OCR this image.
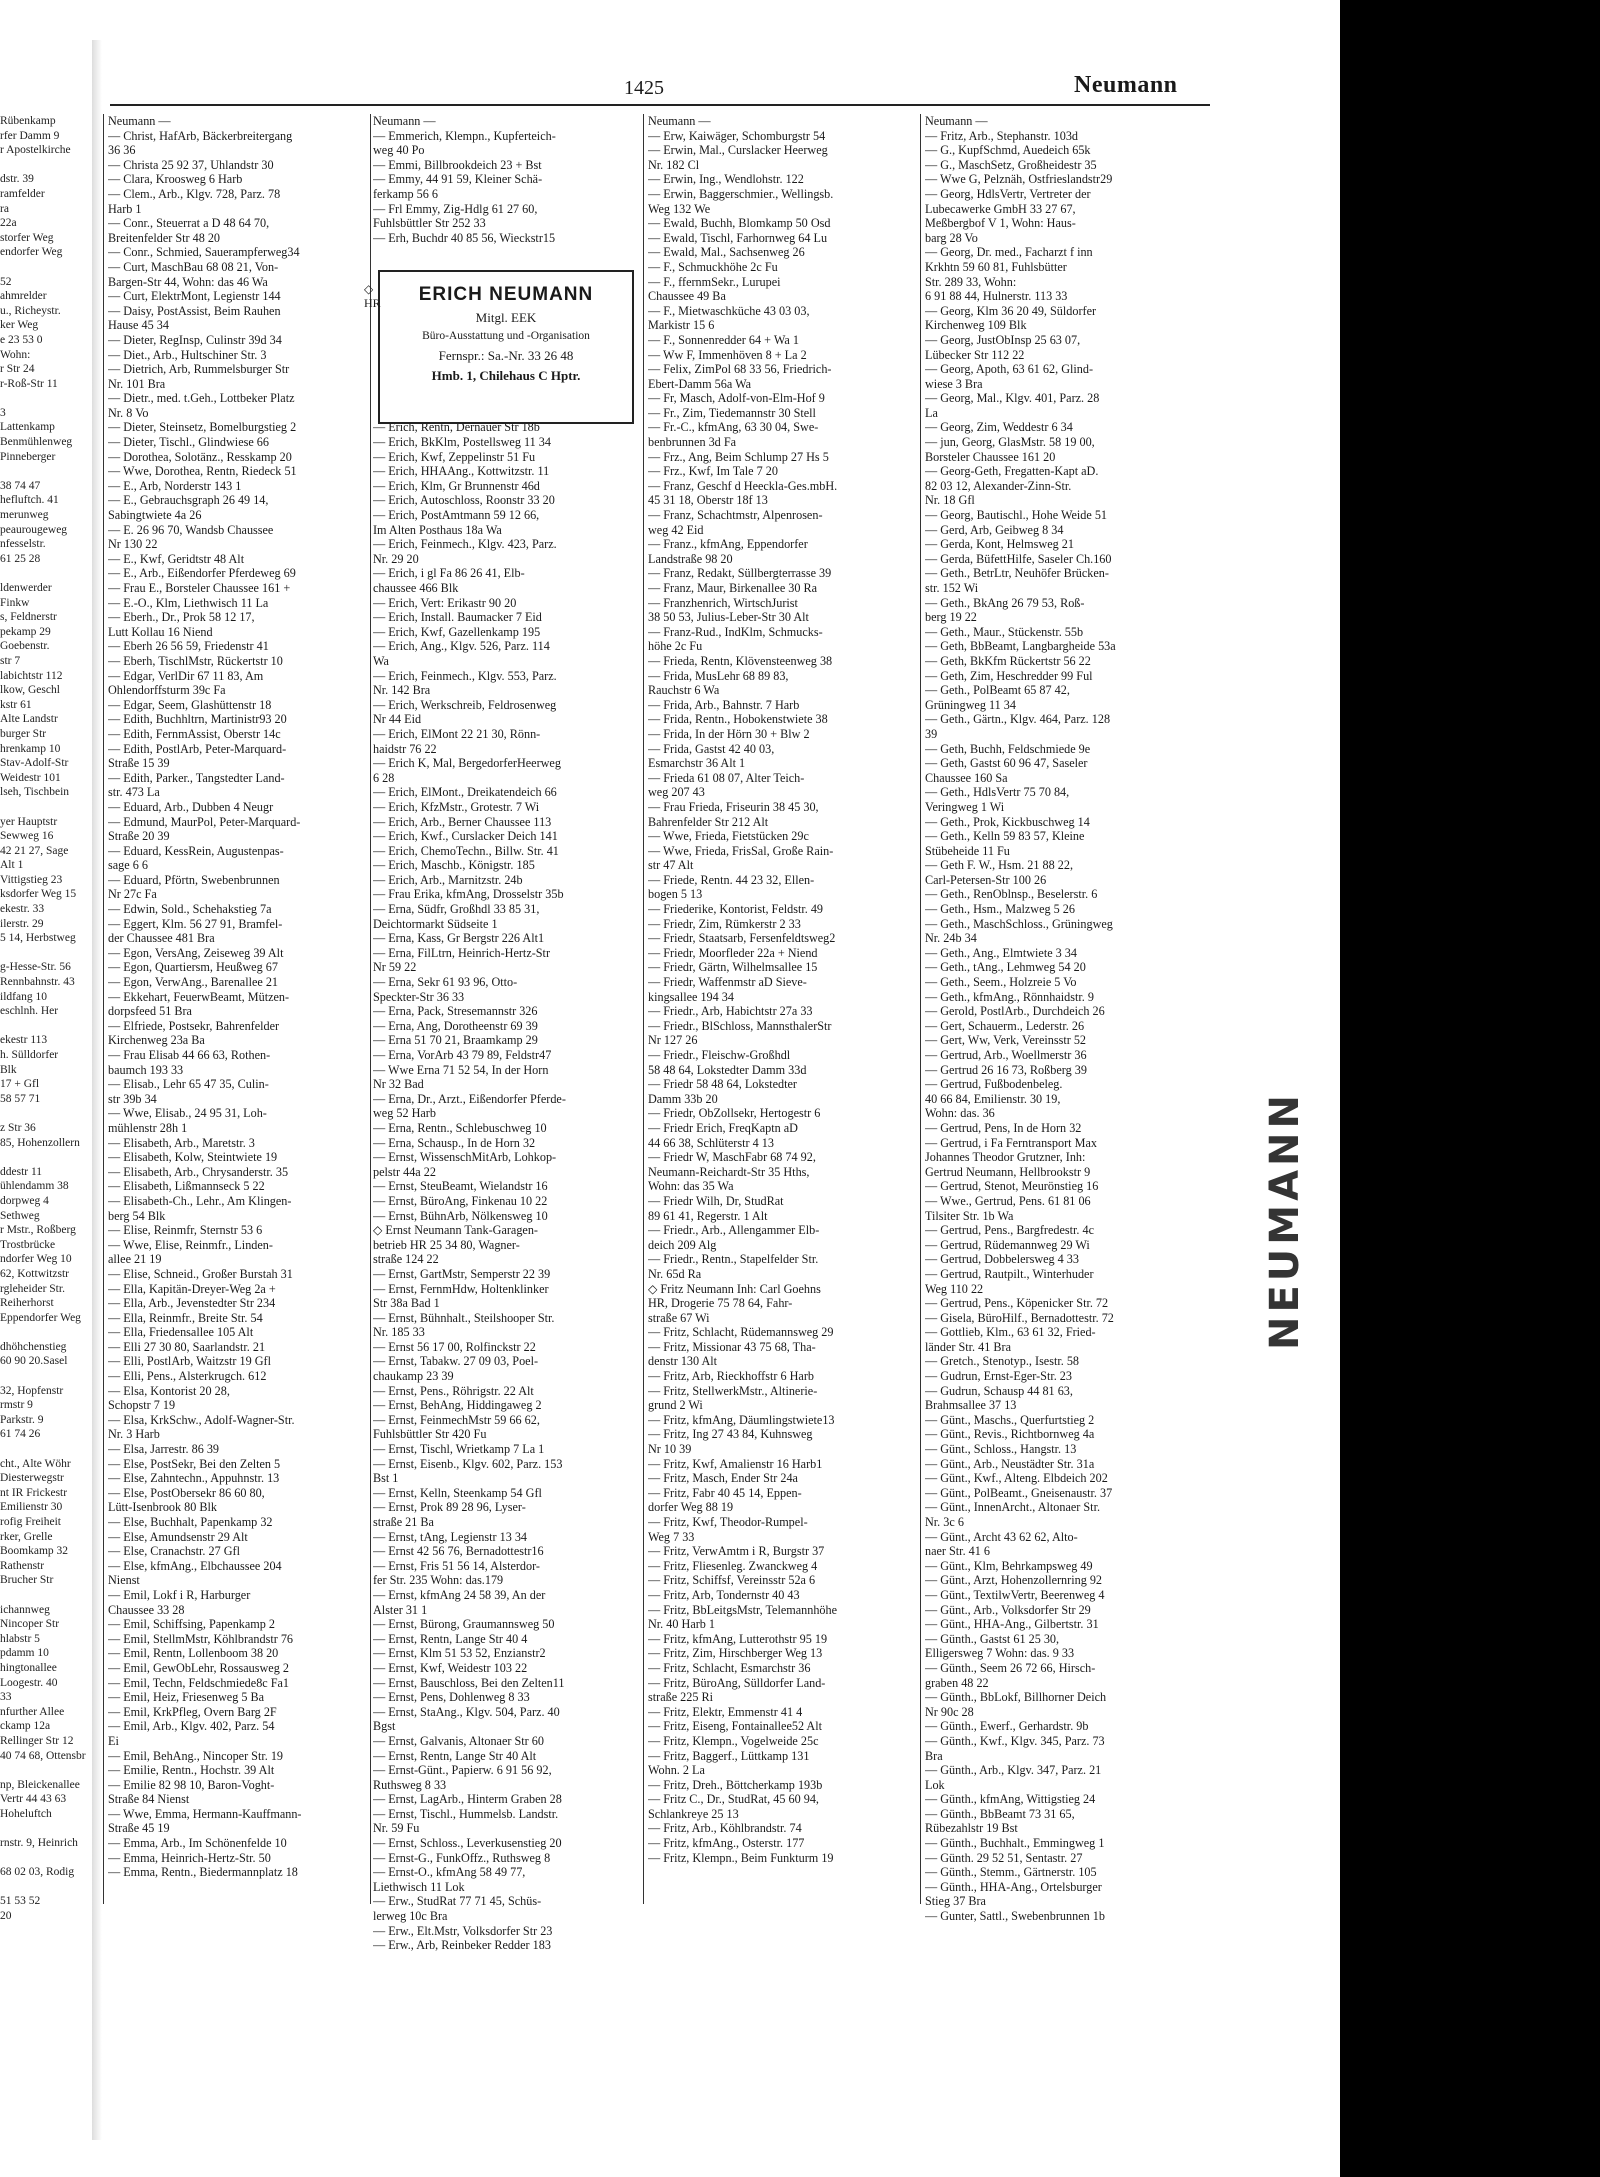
1425	Neumann
Rübenkamp
rfer Damm 9
r Apostelkirche

dstr. 39
ramfelder
ra
22a
storfer Weg
endorfer Weg

52
ahmrelder
u., Richeystr.
ker Weg
e 23 53 0
Wohn:
r Str 24
r-Roß-Str 11

3
Lattenkamp
Benmühlenweg
Pinneberger

38 74 47
hefluftch. 41
merunweg
peaurougeweg
nfesselstr.
61 25 28

ldenwerder
Finkw
s, Feldnerstr
pekamp 29
Goebenstr.
str 7
labichtstr 112
lkow, Geschl
kstr 61
Alte Landstr
burger Str
hrenkamp 10
Stav-Adolf-Str
Weidestr 101
lseh, Tischbein

yer Hauptstr
Sewweg 16
42 21 27, Sage
Alt 1
Vittigstieg 23
ksdorfer Weg 15
ekestr. 33
ilerstr. 29
5 14, Herbstweg

g-Hesse-Str. 56
Rennbahnstr. 43
ildfang 10
eschlnh. Her

ekestr 113
h. Sülldorfer
Blk
17 + Gfl
58 57 71

z Str 36
85, Hohenzollern

ddestr 11
ühlendamm 38
dorpweg 4
Sethweg
r Mstr., Roßberg
Trostbrücke
ndorfer Weg 10
62, Kottwitzstr
rgleheider Str.
Reiherhorst
Eppendorfer Weg

dhöhchenstieg
60 90 20.Sasel

32, Hopfenstr
rmstr 9
Parkstr. 9
61 74 26

cht., Alte Wöhr
Diesterwegstr
nt IR Frickestr
Emilienstr 30
rofig Freiheit
rker, Grelle
Boomkamp 32
Rathenstr
Brucher Str

ichannweg
Nincoper Str
hlabstr 5
pdamm 10
hingtonallee
Loogestr. 40
33
nfurther Allee
ckamp 12a
Rellinger Str 12
40 74 68, Ottensbr

np, Bleickenallee
Vertr 44 43 63
Hoheluftch

rnstr. 9, Heinrich

68 02 03, Rodig

51 53 52
20
Neumann —
— Christ, HafArb, Bäckerbreitergang
36 36
— Christa 25 92 37, Uhlandstr 30
— Clara, Kroosweg 6 Harb
— Clem., Arb., Klgv. 728, Parz. 78
Harb 1
— Conr., Steuerrat a D 48 64 70,
Breitenfelder Str 48 20
— Conr., Schmied, Sauerampferweg34
— Curt, MaschBau 68 08 21, Von-
Bargen-Str 44, Wohn: das 46 Wa
— Curt, ElektrMont, Legienstr 144
— Daisy, PostAssist, Beim Rauhen
Hause 45 34
— Dieter, RegInsp, Culinstr 39d 34
— Diet., Arb., Hultschiner Str. 3
— Dietrich, Arb, Rummelsburger Str
Nr. 101 Bra
— Dietr., med. t.Geh., Lottbeker Platz
Nr. 8 Vo
— Dieter, Steinsetz, Bomelburgstieg 2
— Dieter, Tischl., Glindwiese 66
— Dorothea, Solotänz., Resskamp 20
— Wwe, Dorothea, Rentn, Riedeck 51
— E., Arb, Norderstr 143 1
— E., Gebrauchsgraph 26 49 14,
Sabingtwiete 4a 26
— E. 26 96 70, Wandsb Chaussee
Nr 130 22
— E., Kwf, Geridtstr 48 Alt
— E., Arb., Eißendorfer Pferdeweg 69
— Frau E., Borsteler Chaussee 161 +
— E.-O., Klm, Liethwisch 11 La
— Eberh., Dr., Prok 58 12 17,
Lutt Kollau 16 Niend
— Eberh 26 56 59, Friedenstr 41
— Eberh, TischlMstr, Rückertstr 10
— Edgar, VerlDir 67 11 83, Am
Ohlendorffsturm 39c Fa
— Edgar, Seem, Glashüttenstr 18
— Edith, Buchhltrn, Martinistr93 20
— Edith, FernmAssist, Oberstr 14c
— Edith, PostlArb, Peter-Marquard-
Straße 15 39
— Edith, Parker., Tangstedter Land-
str. 473 La
— Eduard, Arb., Dubben 4 Neugr
— Edmund, MaurPol, Peter-Marquard-
Straße 20 39
— Eduard, KessRein, Augustenpas-
sage 6 6
— Eduard, Pförtn, Swebenbrunnen
Nr 27c Fa
— Edwin, Sold., Schehakstieg 7a
— Eggert, Klm. 56 27 91, Bramfel-
der Chaussee 481 Bra
— Egon, VersAng, Zeiseweg 39 Alt
— Egon, Quartiersm, Heußweg 67
— Egon, VerwAng., Barenallee 21
— Ekkehart, FeuerwBeamt, Mützen-
dorpsfeed 51 Bra
— Elfriede, Postsekr, Bahrenfelder
Kirchenweg 23a Ba
— Frau Elisab 44 66 63, Rothen-
baumch 193 33
— Elisab., Lehr 65 47 35, Culin-
str 39b 34
— Wwe, Elisab., 24 95 31, Loh-
mühlenstr 28h 1
— Elisabeth, Arb., Maretstr. 3
— Elisabeth, Kolw, Steintwiete 19
— Elisabeth, Arb., Chrysanderstr. 35
— Elisabeth, Lißmannseck 5 22
— Elisabeth-Ch., Lehr., Am Klingen-
berg 54 Blk
— Elise, Reinmfr, Sternstr 53 6
— Wwe, Elise, Reinmfr., Linden-
allee 21 19
— Elise, Schneid., Großer Burstah 31
— Ella, Kapitän-Dreyer-Weg 2a +
— Ella, Arb., Jevenstedter Str 234
— Ella, Reinmfr., Breite Str. 54
— Ella, Friedensallee 105 Alt
— Elli 27 30 80, Saarlandstr. 21
— Elli, PostlArb, Waitzstr 19 Gfl
— Elli, Pens., Alsterkrugch. 612
— Elsa, Kontorist 20 28,
Schopstr 7 19
— Elsa, KrkSchw., Adolf-Wagner-Str.
Nr. 3 Harb
— Elsa, Jarrestr. 86 39
— Else, PostSekr, Bei den Zelten 5
— Else, Zahntechn., Appuhnstr. 13
— Else, PostObersekr 86 60 80,
Lütt-Isenbrook 80 Blk
— Else, Buchhalt, Papenkamp 32
— Else, Amundsenstr 29 Alt
— Else, Cranachstr. 27 Gfl
— Else, kfmAng., Elbchaussee 204
Nienst
— Emil, Lokf i R, Harburger
Chaussee 33 28
— Emil, Schiffsing, Papenkamp 2
— Emil, StellmMstr, Köhlbrandstr 76
— Emil, Rentn, Lollenboom 38 20
— Emil, GewObLehr, Rossausweg 2
— Emil, Techn, Feldschmiede8c Fa1
— Emil, Heiz, Friesenweg 5 Ba
— Emil, KrkPfleg, Overn Barg 2F
— Emil, Arb., Klgv. 402, Parz. 54
Ei
— Emil, BehAng., Nincoper Str. 19
— Emilie, Rentn., Hochstr. 39 Alt
— Emilie 82 98 10, Baron-Voght-
Straße 84 Nienst
— Wwe, Emma, Hermann-Kauffmann-
Straße 45 19
— Emma, Arb., Im Schönenfelde 10
— Emma, Heinrich-Hertz-Str. 50
— Emma, Rentn., Biedermannplatz 18
Neumann —
— Emmerich, Klempn., Kupferteich-
weg 40 Po
— Emmi, Billbrookdeich 23 + Bst
— Emmy, 44 91 59, Kleiner Schä-
ferkamp 56 6
— Frl Emmy, Zig-Hdlg 61 27 60,
Fuhlsbüttler Str 252 33
— Erh, Buchdr 40 85 56, Wieckstr15

— Erich, Rentn, Dernauer Str 18b
— Erich, BkKlm, Postellsweg 11 34
— Erich, Kwf, Zeppelinstr 51 Fu
— Erich, HHAAng., Kottwitzstr. 11
— Erich, Klm, Gr Brunnenstr 46d
— Erich, Autoschloss, Roonstr 33 20
— Erich, PostAmtmann 59 12 66,
Im Alten Posthaus 18a Wa
— Erich, Feinmech., Klgv. 423, Parz.
Nr. 29 20
— Erich, i gl Fa 86 26 41, Elb-
chaussee 466 Blk
— Erich, Vert: Erikastr 90 20
— Erich, Install. Baumacker 7 Eid
— Erich, Kwf, Gazellenkamp 195
— Erich, Ang., Klgv. 526, Parz. 114
Wa
— Erich, Feinmech., Klgv. 553, Parz.
Nr. 142 Bra
— Erich, Werkschreib, Feldrosenweg
Nr 44 Eid
— Erich, ElMont 22 21 30, Rönn-
haidstr 76 22
— Erich K, Mal, BergedorferHeerweg
6 28
— Erich, ElMont., Dreikatendeich 66
— Erich, KfzMstr., Grotestr. 7 Wi
— Erich, Arb., Berner Chaussee 113
— Erich, Kwf., Curslacker Deich 141
— Erich, ChemoTechn., Billw. Str. 41
— Erich, Maschb., Königstr. 185
— Erich, Arb., Marnitzstr. 24b
— Frau Erika, kfmAng, Drosselstr 35b
— Erna, Südfr, Großhdl 33 85 31,
Deichtormarkt Südseite 1
— Erna, Kass, Gr Bergstr 226 Alt1
— Erna, FilLtrn, Heinrich-Hertz-Str
Nr 59 22
— Erna, Sekr 61 93 96, Otto-
Speckter-Str 36 33
— Erna, Pack, Stresemannstr 326
— Erna, Ang, Dorotheenstr 69 39
— Erna 51 70 21, Braamkamp 29
— Erna, VorArb 43 79 89, Feldstr47
— Wwe Erna 71 52 54, In der Horn
Nr 32 Bad
— Erna, Dr., Arzt., Eißendorfer Pferde-
weg 52 Harb
— Erna, Rentn., Schlebuschweg 10
— Erna, Schausp., In de Horn 32
— Ernst, WissenschMitArb, Lohkop-
pelstr 44a 22
— Ernst, SteuBeamt, Wielandstr 16
— Ernst, BüroAng, Finkenau 10 22
— Ernst, BühnArb, Nölkensweg 10
◇ Ernst Neumann Tank-Garagen-
betrieb HR 25 34 80, Wagner-
straße 124 22
— Ernst, GartMstr, Semperstr 22 39
— Ernst, FernmHdw, Holtenklinker
Str 38a Bad 1
— Ernst, Bühnhalt., Steilshooper Str.
Nr. 185 33
— Ernst 56 17 00, Rolfinckstr 22
— Ernst, Tabakw. 27 09 03, Poel-
chaukamp 23 39
— Ernst, Pens., Röhrigstr. 22 Alt
— Ernst, BehAng, Hiddingaweg 2
— Ernst, FeinmechMstr 59 66 62,
Fuhlsbüttler Str 420 Fu
— Ernst, Tischl, Wrietkamp 7 La 1
— Ernst, Eisenb., Klgv. 602, Parz. 153
Bst 1
— Ernst, Kelln, Steenkamp 54 Gfl
— Ernst, Prok 89 28 96, Lyser-
straße 21 Ba
— Ernst, tAng, Legienstr 13 34
— Ernst 42 56 76, Bernadottestr16
— Ernst, Fris 51 56 14, Alsterdor-
fer Str. 235 Wohn: das.179
— Ernst, kfmAng 24 58 39, An der
Alster 31 1
— Ernst, Bürong, Graumannsweg 50
— Ernst, Rentn, Lange Str 40 4
— Ernst, Klm 51 53 52, Enzianstr2
— Ernst, Kwf, Weidestr 103 22
— Ernst, Bauschloss, Bei den Zelten11
— Ernst, Pens, Dohlenweg 8 33
— Ernst, StaAng., Klgv. 504, Parz. 40
Bgst
— Ernst, Galvanis, Altonaer Str 60
— Ernst, Rentn, Lange Str 40 Alt
— Ernst-Günt., Papierw. 6 91 56 92,
Ruthsweg 8 33
— Ernst, LagArb., Hinterm Graben 28
— Ernst, Tischl., Hummelsb. Landstr.
Nr. 59 Fu
— Ernst, Schloss., Leverkusenstieg 20
— Ernst-G., FunkOffz., Ruthsweg 8
— Ernst-O., kfmAng 58 49 77,
Liethwisch 11 Lok
— Erw., StudRat 77 71 45, Schüs-
lerweg 10c Bra
— Erw., Elt.Mstr, Volksdorfer Str 23
— Erw., Arb, Reinbeker Redder 183
Neumann —
— Erw, Kaiwäger, Schomburgstr 54
— Erwin, Mal., Curslacker Heerweg
Nr. 182 Cl
— Erwin, Ing., Wendlohstr. 122
— Erwin, Baggerschmier., Wellingsb.
Weg 132 We
— Ewald, Buchh, Blomkamp 50 Osd
— Ewald, Tischl, Farhornweg 64 Lu
— Ewald, Mal., Sachsenweg 26
— F., Schmuckhöhe 2c Fu
— F., ffernmSekr., Lurupei
Chaussee 49 Ba
— F., Mietwaschküche 43 03 03,
Markistr 15 6
— F., Sonnenredder 64 + Wa 1
— Ww F, Immenhöven 8 + La 2
— Felix, ZimPol 68 33 56, Friedrich-
Ebert-Damm 56a Wa
— Fr, Masch, Adolf-von-Elm-Hof 9
— Fr., Zim, Tiedemannstr 30 Stell
— Fr.-C., kfmAng, 63 30 04, Swe-
benbrunnen 3d Fa
— Frz., Ang, Beim Schlump 27 Hs 5
— Frz., Kwf, Im Tale 7 20
— Franz, Geschf d Heeckla-Ges.mbH.
45 31 18, Oberstr 18f 13
— Franz, Schachtmstr, Alpenrosen-
weg 42 Eid
— Franz., kfmAng, Eppendorfer
Landstraße 98 20
— Franz, Redakt, Süllbergterrasse 39
— Franz, Maur, Birkenallee 30 Ra
— Franzhenrich, WirtschJurist
38 50 53, Julius-Leber-Str 30 Alt
— Franz-Rud., IndKlm, Schmucks-
höhe 2c Fu
— Frieda, Rentn, Klövensteenweg 38
— Frida, MusLehr 68 89 83,
Rauchstr 6 Wa
— Frida, Arb., Bahnstr. 7 Harb
— Frida, Rentn., Hobokenstwiete 38
— Frida, In der Hörn 30 + Blw 2
— Frida, Gastst 42 40 03,
Esmarchstr 36 Alt 1
— Frieda 61 08 07, Alter Teich-
weg 207 43
— Frau Frieda, Friseurin 38 45 30,
Bahrenfelder Str 212 Alt
— Wwe, Frieda, Fietstücken 29c
— Wwe, Frieda, FrisSal, Große Rain-
str 47 Alt
— Friede, Rentn. 44 23 32, Ellen-
bogen 5 13
— Friederike, Kontorist, Feldstr. 49
— Friedr, Zim, Rümkerstr 2 33
— Friedr, Staatsarb, Fersenfeldtsweg2
— Friedr, Moorfleder 22a + Niend
— Friedr, Gärtn, Wilhelmsallee 15
— Friedr, Waffenmstr aD Sieve-
kingsallee 194 34
— Friedr., Arb, Habichtstr 27a 33
— Friedr., BlSchloss, MannsthalerStr
Nr 127 26
— Friedr., Fleischw-Großhdl
58 48 64, Lokstedter Damm 33d
— Friedr 58 48 64, Lokstedter
Damm 33b 20
— Friedr, ObZollsekr, Hertogestr 6
— Friedr Erich, FreqKaptn aD
44 66 38, Schlüterstr 4 13
— Friedr W, MaschFabr 68 74 92,
Neumann-Reichardt-Str 35 Hths,
Wohn: das 35 Wa
— Friedr Wilh, Dr, StudRat
89 61 41, Regerstr. 1 Alt
— Friedr., Arb., Allengammer Elb-
deich 209 Alg
— Friedr., Rentn., Stapelfelder Str.
Nr. 65d Ra
◇ Fritz Neumann Inh: Carl Goehns
HR, Drogerie 75 78 64, Fahr-
straße 67 Wi
— Fritz, Schlacht, Rüdemannsweg 29
— Fritz, Missionar 43 75 68, Tha-
denstr 130 Alt
— Fritz, Arb, Rieckhoffstr 6 Harb
— Fritz, StellwerkMstr., Altinerie-
grund 2 Wi
— Fritz, kfmAng, Däumlingstwiete13
— Fritz, Ing 27 43 84, Kuhnsweg
Nr 10 39
— Fritz, Kwf, Amalienstr 16 Harb1
— Fritz, Masch, Ender Str 24a
— Fritz, Fabr 40 45 14, Eppen-
dorfer Weg 88 19
— Fritz, Kwf, Theodor-Rumpel-
Weg 7 33
— Fritz, VerwAmtm i R, Burgstr 37
— Fritz, Fliesenleg. Zwanckweg 4
— Fritz, Schiffsf, Vereinsstr 52a 6
— Fritz, Arb, Tondernstr 40 43
— Fritz, BbLeitgsMstr, Telemannhöhe
Nr. 40 Harb 1
— Fritz, kfmAng, Lutterothstr 95 19
— Fritz, Zim, Hirschberger Weg 13
— Fritz, Schlacht, Esmarchstr 36
— Fritz, BüroAng, Sülldorfer Land-
straße 225 Ri
— Fritz, Elektr, Emmenstr 41 4
— Fritz, Eiseng, Fontainallee52 Alt
— Fritz, Klempn., Vogelweide 25c
— Fritz, Baggerf., Lüttkamp 131
Wohn. 2 La
— Fritz, Dreh., Böttcherkamp 193b
— Fritz C., Dr., StudRat, 45 60 94,
Schlankreye 25 13
— Fritz, Arb., Köhlbrandstr. 74
— Fritz, kfmAng., Osterstr. 177
— Fritz, Klempn., Beim Funkturm 19
Neumann —
— Fritz, Arb., Stephanstr. 103d
— G., KupfSchmd, Auedeich 65k
— G., MaschSetz, Großheidestr 35
— Wwe G, Pelznäh, Ostfrieslandstr29
— Georg, HdlsVertr, Vertreter der
Lubecawerke GmbH 33 27 67,
Meßbergbof V 1, Wohn: Haus-
barg 28 Vo
— Georg, Dr. med., Facharzt f inn
Krkhtn 59 60 81, Fuhlsbütter
Str. 289 33, Wohn:
6 91 88 44, Hulnerstr. 113 33
— Georg, Klm 36 20 49, Süldorfer
Kirchenweg 109 Blk
— Georg, JustObInsp 25 63 07,
Lübecker Str 112 22
— Georg, Apoth, 63 61 62, Glind-
wiese 3 Bra
— Georg, Mal., Klgv. 401, Parz. 28
La
— Georg, Zim, Weddestr 6 34
— jun, Georg, GlasMstr. 58 19 00,
Borsteler Chaussee 161 20
— Georg-Geth, Fregatten-Kapt aD.
82 03 12, Alexander-Zinn-Str.
Nr. 18 Gfl
— Georg, Bautischl., Hohe Weide 51
— Gerd, Arb, Geibweg 8 34
— Gerda, Kont, Helmsweg 21
— Gerda, BüfettHilfe, Saseler Ch.160
— Geth., BetrLtr, Neuhöfer Brücken-
str. 152 Wi
— Geth., BkAng 26 79 53, Roß-
berg 19 22
— Geth., Maur., Stückenstr. 55b
— Geth, BbBeamt, Langbargheide 53a
— Geth, BkKfm Rückertstr 56 22
— Geth, Zim, Heschredder 99 Ful
— Geth., PolBeamt 65 87 42,
Grüningweg 11 34
— Geth., Gärtn., Klgv. 464, Parz. 128
39
— Geth, Buchh, Feldschmiede 9e
— Geth, Gastst 60 96 47, Saseler
Chaussee 160 Sa
— Geth., HdlsVertr 75 70 84,
Veringweg 1 Wi
— Geth., Prok, Kickbuschweg 14
— Geth., Kelln 59 83 57, Kleine
Stübeheide 11 Fu
— Geth F. W., Hsm. 21 88 22,
Carl-Petersen-Str 100 26
— Geth., RenOblnsp., Beselerstr. 6
— Geth., Hsm., Malzweg 5 26
— Geth., MaschSchloss., Grüningweg
Nr. 24b 34
— Geth., Ang., Elmtwiete 3 34
— Geth., tAng., Lehmweg 54 20
— Geth., Seem., Holzreie 5 Vo
— Geth., kfmAng., Rönnhaidstr. 9
— Gerold, PostlArb., Durchdeich 26
— Gert, Schauerm., Lederstr. 26
— Gert, Ww, Verk, Vereinsstr 52
— Gertrud, Arb., Woellmerstr 36
— Gertrud 26 16 73, Roßberg 39
— Gertrud, Fußbodenbeleg.
40 66 84, Emilienstr. 30 19,
Wohn: das. 36
— Gertrud, Pens, In de Horn 32
— Gertrud, i Fa Ferntransport Max
Johannes Theodor Grutzner, Inh:
Gertrud Neumann, Hellbrookstr 9
— Gertrud, Stenot, Meurönstieg 16
— Wwe., Gertrud, Pens. 61 81 06
Tilsiter Str. 1b Wa
— Gertrud, Pens., Bargfredestr. 4c
— Gertrud, Rüdemannweg 29 Wi
— Gertrud, Dobbelersweg 4 33
— Gertrud, Rautpilt., Winterhuder
Weg 110 22
— Gertrud, Pens., Köpenicker Str. 72
— Gisela, BüroHilf., Bernadottestr. 72
— Gottlieb, Klm., 63 61 32, Fried-
länder Str. 41 Bra
— Gretch., Stenotyp., Isestr. 58
— Gudrun, Ernst-Eger-Str. 23
— Gudrun, Schausp 44 81 63,
Brahmsallee 37 13
— Günt., Maschs., Querfurtstieg 2
— Günt., Revis., Richtbornweg 4a
— Günt., Schloss., Hangstr. 13
— Günt., Arb., Neustädter Str. 31a
— Günt., Kwf., Alteng. Elbdeich 202
— Günt., PolBeamt., Gneisenaustr. 37
— Günt., InnenArcht., Altonaer Str.
Nr. 3c 6
— Günt., Archt 43 62 62, Alto-
naer Str. 41 6
— Günt., Klm, Behrkampsweg 49
— Günt., Arzt, Hohenzollernring 92
— Günt., TextilwVertr, Beerenweg 4
— Günt., Arb., Volksdorfer Str 29
— Günt., HHA-Ang., Gilbertstr. 31
— Günth., Gastst 61 25 30,
Elligersweg 7 Wohn: das. 9 33
— Günth., Seem 26 72 66, Hirsch-
graben 48 22
— Günth., BbLokf, Billhorner Deich
Nr 90c 28
— Günth., Ewerf., Gerhardstr. 9b
— Günth., Kwf., Klgv. 345, Parz. 73
Bra
— Günth., Arb., Klgv. 347, Parz. 21
Lok
— Günth., kfmAng, Wittigstieg 24
— Günth., BbBeamt 73 31 65,
Rübezahlstr 19 Bst
— Günth., Buchhalt., Emmingweg 1
— Günth. 29 52 51, Sentastr. 27
— Günth., Stemm., Gärtnerstr. 105
— Günth., HHA-Ang., Ortelsburger
Stieg 37 Bra
— Gunter, Sattl., Swebenbrunnen 1b
ERICH NEUMANN
Mitgl. EEK
Büro-Ausstattung und -Organisation
Fernspr.: Sa.-Nr. 33 26 48
Hmb. 1, Chilehaus C Hptr.
◇ HR
NEUMANN
